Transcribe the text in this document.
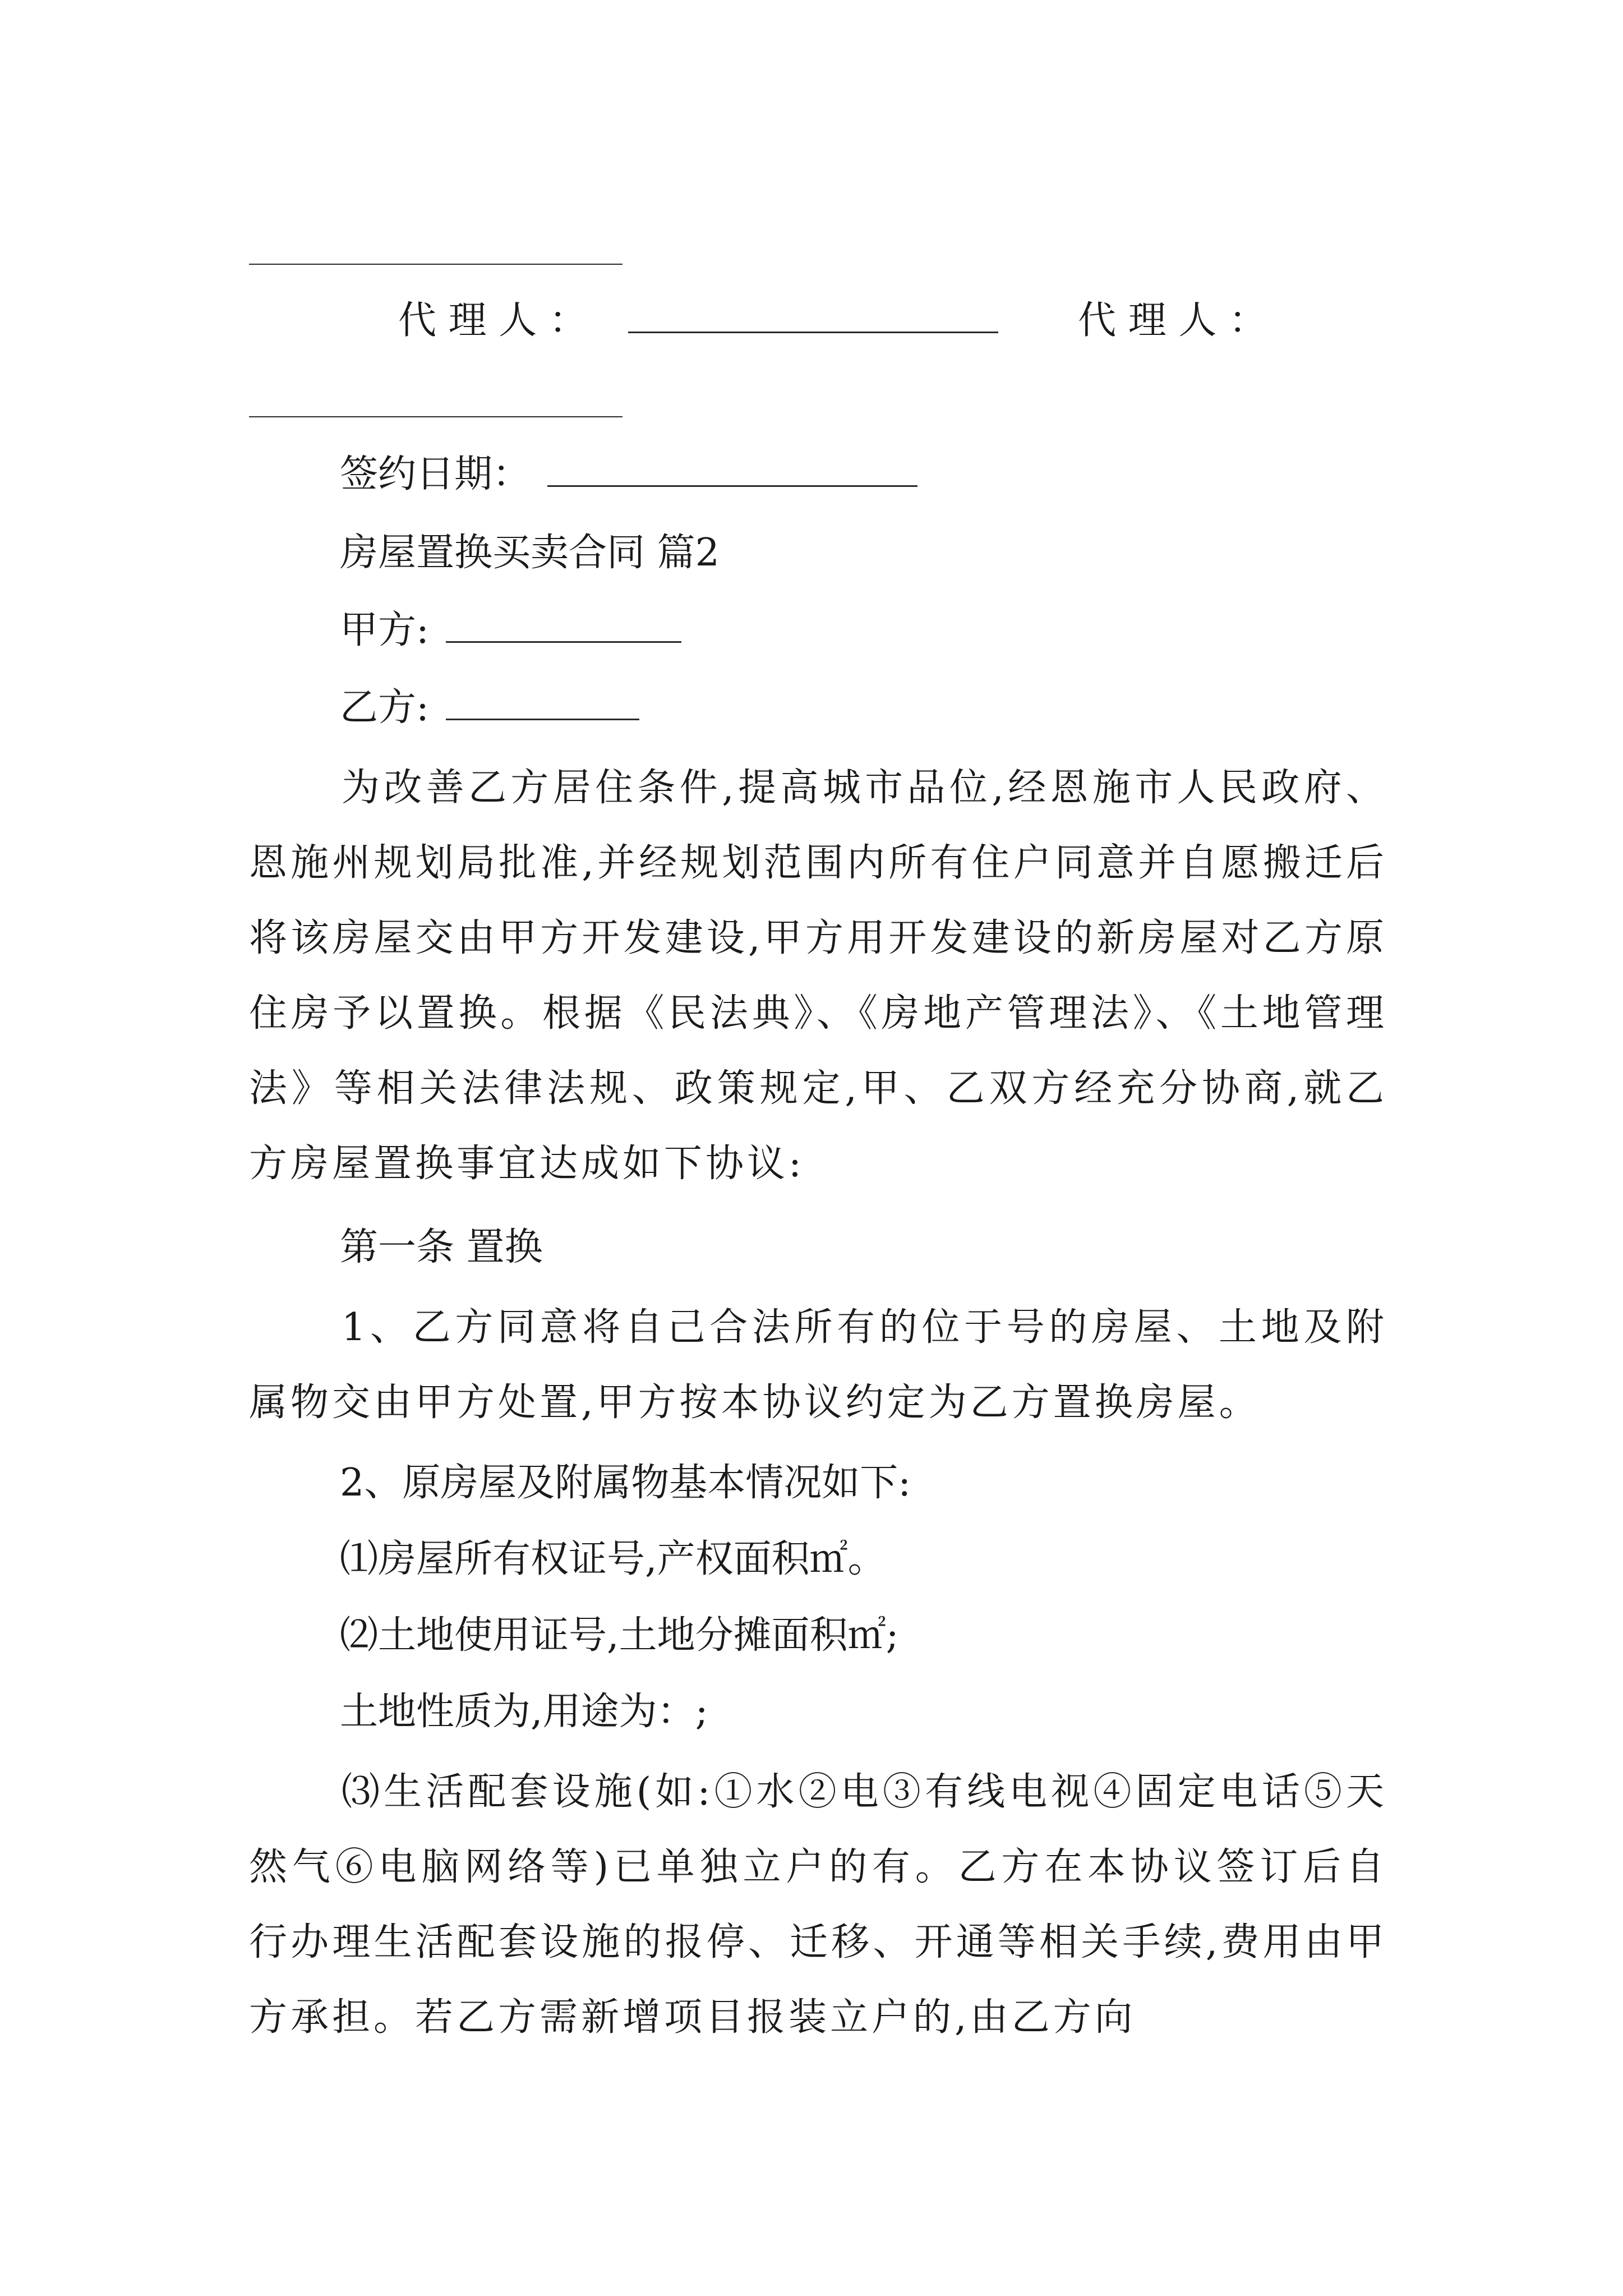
代 理 人 ：	代 理 人 ：
签约日期：
房屋置换买卖合同 篇2
甲方:
乙方:
为改善乙方居住条件,提高城市品位,经恩施市人民政府、恩施州规划局批准,并经规划范围内所有住户同意并自愿搬迁后将该房屋交由甲方开发建设,甲方用开发建设的新房屋对乙方原住房予以置换。根据《民法典》、《房地产管理法》、《土地管理法》等相关法律法规、政策规定,甲、乙双方经充分协商,就乙方房屋置换事宜达成如下协议:
第一条 置换
1、乙方同意将自己合法所有的位于号的房屋、土地及附属物交由甲方处置,甲方按本协议约定为乙方置换房屋。
2、原房屋及附属物基本情况如下:
⑴房屋所有权证号,产权面积㎡。
⑵土地使用证号,土地分摊面积㎡;
土地性质为,用途为：;
⑶生活配套设施(如:①水②电③有线电视④固定电话⑤天然气⑥电脑网络等)已单独立户的有。乙方在本协议签订后自行办理生活配套设施的报停、迁移、开通等相关手续,费用由甲方承担。若乙方需新增项目报装立户的,由乙方向
